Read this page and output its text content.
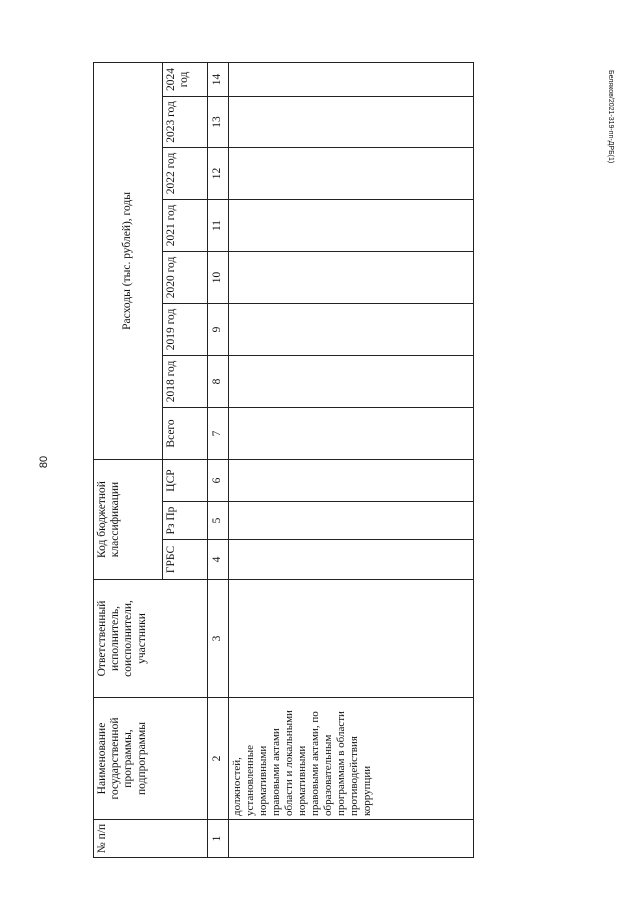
80
Беляков/2021-319-пп-ДРБ(1)
№ п/п	Наименование государственной программы, подпрограммы	Ответственный исполнитель, соисполнители, участники	Код бюджетной классификации			Расходы (тыс. рублей), годы							
			ГРБС	Рз Пр	ЦСР	Всего	2018 год	2019 год	2020 год	2021 год	2022 год	2023 год	2024 год
1	2	3	4	5	6	7	8	9	10	11	12	13	14
	должностей, установленные нормативными правовыми актами области и локальными нормативными правовыми актами, по образовательным программам в области противодействия коррупции												
